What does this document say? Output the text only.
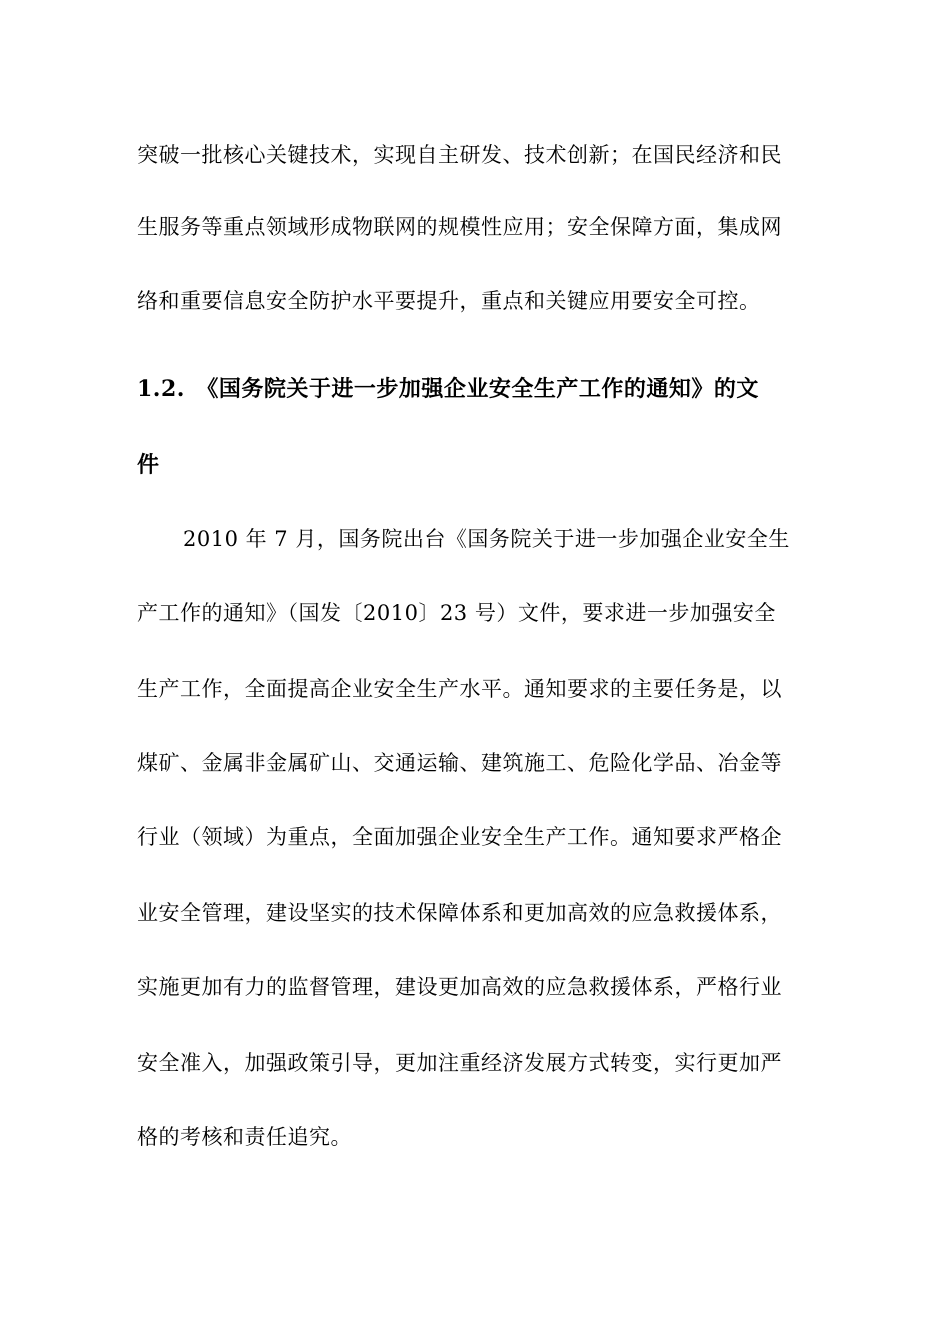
突破一批核心关键技术，实现自主研发、技术创新；在国民经济和民
生服务等重点领域形成物联网的规模性应用；安全保障方面，集成网
络和重要信息安全防护水平要提升，重点和关键应用要安全可控。
1.2.　《国务院关于进一步加强企业安全生产工作的通知》的文
件
2010 年 7 月，国务院出台《国务院关于进一步加强企业安全生
产工作的通知》（国发〔2010〕23 号）文件，要求进一步加强安全
生产工作，全面提高企业安全生产水平。通知要求的主要任务是，以
煤矿、金属非金属矿山、交通运输、建筑施工、危险化学品、冶金等
行业（领域）为重点，全面加强企业安全生产工作。通知要求严格企
业安全管理，建设坚实的技术保障体系和更加高效的应急救援体系，
实施更加有力的监督管理，建设更加高效的应急救援体系，严格行业
安全准入，加强政策引导，更加注重经济发展方式转变，实行更加严
格的考核和责任追究。
